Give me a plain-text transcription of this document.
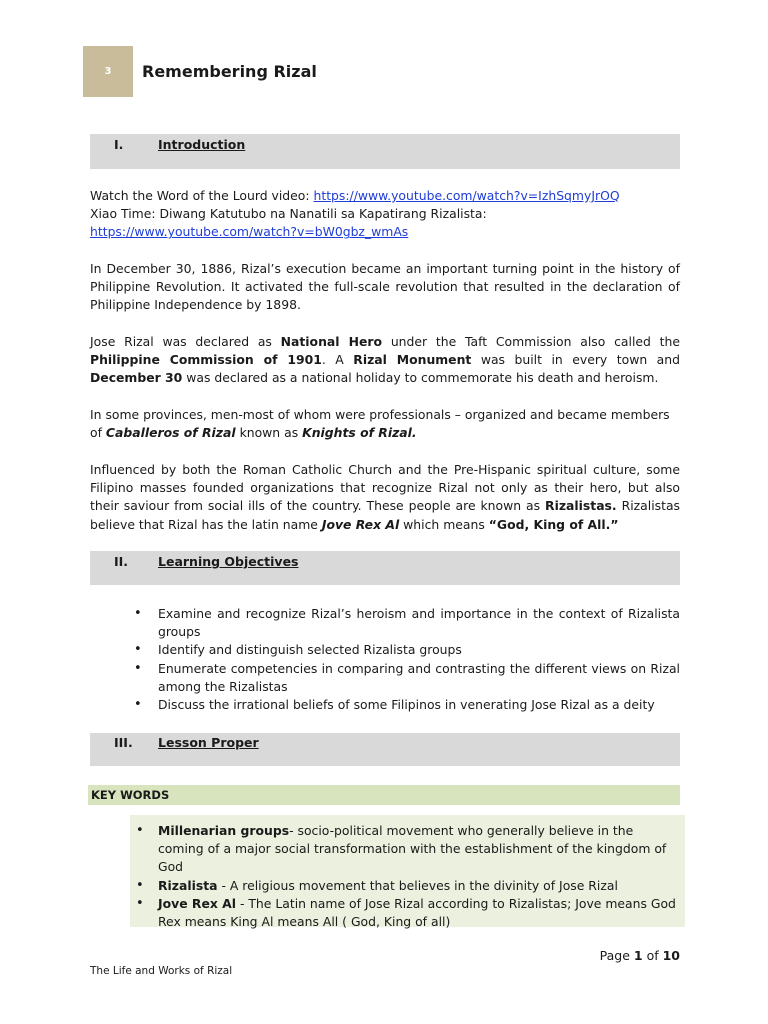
3 Remembering Rizal
I.	Introduction
Watch the Word of the Lourd video: https://www.youtube.com/watch?v=IzhSqmyJrOQ
Xiao Time: Diwang Katutubo na Nanatili sa Kapatirang Rizalista:
https://www.youtube.com/watch?v=bW0gbz_wmAs
In December 30, 1886, Rizal’s execution became an important turning point in the history of Philippine Revolution. It activated the full-scale revolution that resulted in the declaration of Philippine Independence by 1898.
Jose Rizal was declared as National Hero under the Taft Commission also called the Philippine Commission of 1901. A Rizal Monument was built in every town and December 30 was declared as a national holiday to commemorate his death and heroism.
In some provinces, men-most of whom were professionals – organized and became members of Caballeros of Rizal known as Knights of Rizal.
Influenced by both the Roman Catholic Church and the Pre-Hispanic spiritual culture, some Filipino masses founded organizations that recognize Rizal not only as their hero, but also their saviour from social ills of the country. These people are known as Rizalistas. Rizalistas believe that Rizal has the latin name Jove Rex Al which means “God, King of All.”
II. Learning Objectives
• Examine and recognize Rizal’s heroism and importance in the context of Rizalista groups
• Identify and distinguish selected Rizalista groups
• Enumerate competencies in comparing and contrasting the different views on Rizal among the Rizalistas
• Discuss the irrational beliefs of some Filipinos in venerating Jose Rizal as a deity
III. Lesson Proper
KEY WORDS
• Millenarian groups- socio-political movement who generally believe in the coming of a major social transformation with the establishment of the kingdom of God
• Rizalista - A religious movement that believes in the divinity of Jose Rizal
• Jove Rex Al - The Latin name of Jose Rizal according to Rizalistas; Jove means God Rex means King Al means All ( God, King of all)
Page 1 of 10
The Life and Works of Rizal
